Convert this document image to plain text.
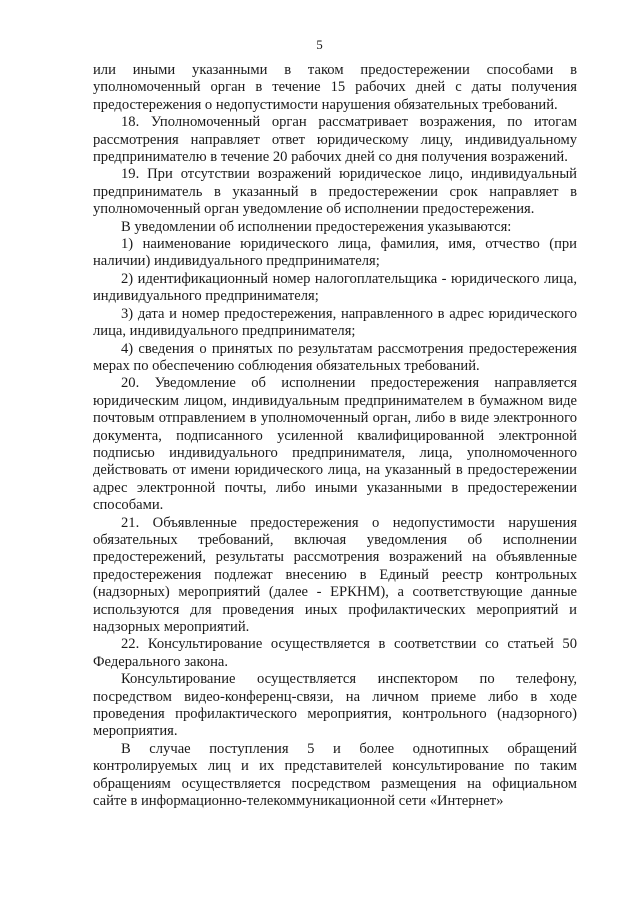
5

или иными указанными в таком предостережении способами в уполномоченный орган в течение 15 рабочих дней с даты получения предостережения о недопустимости нарушения обязательных требований.

18. Уполномоченный орган рассматривает возражения, по итогам рассмотрения направляет ответ юридическому лицу, индивидуальному предпринимателю в течение 20 рабочих дней со дня получения возражений.

19. При отсутствии возражений юридическое лицо, индивидуальный предприниматель в указанный в предостережении срок направляет в уполномоченный орган уведомление об исполнении предостережения.

В уведомлении об исполнении предостережения указываются:

1) наименование юридического лица, фамилия, имя, отчество (при наличии) индивидуального предпринимателя;

2) идентификационный номер налогоплательщика - юридического лица, индивидуального предпринимателя;

3) дата и номер предостережения, направленного в адрес юридического лица, индивидуального предпринимателя;

4) сведения о принятых по результатам рассмотрения предостережения мерах по обеспечению соблюдения обязательных требований.

20. Уведомление об исполнении предостережения направляется юридическим лицом, индивидуальным предпринимателем в бумажном виде почтовым отправлением в уполномоченный орган, либо в виде электронного документа, подписанного усиленной квалифицированной электронной подписью индивидуального предпринимателя, лица, уполномоченного действовать от имени юридического лица, на указанный в предостережении адрес электронной почты, либо иными указанными в предостережении способами.

21. Объявленные предостережения о недопустимости нарушения обязательных требований, включая уведомления об исполнении предостережений, результаты рассмотрения возражений на объявленные предостережения подлежат внесению в Единый реестр контрольных (надзорных) мероприятий (далее - ЕРКНМ), а соответствующие данные используются для проведения иных профилактических мероприятий и надзорных мероприятий.

22. Консультирование осуществляется в соответствии со статьей 50 Федерального закона.

Консультирование осуществляется инспектором по телефону, посредством видео-конференц-связи, на личном приеме либо в ходе проведения профилактического мероприятия, контрольного (надзорного) мероприятия.

В случае поступления 5 и более однотипных обращений контролируемых лиц и их представителей консультирование по таким обращениям осуществляется посредством размещения на официальном сайте в информационно-телекоммуникационной сети «Интернет»
